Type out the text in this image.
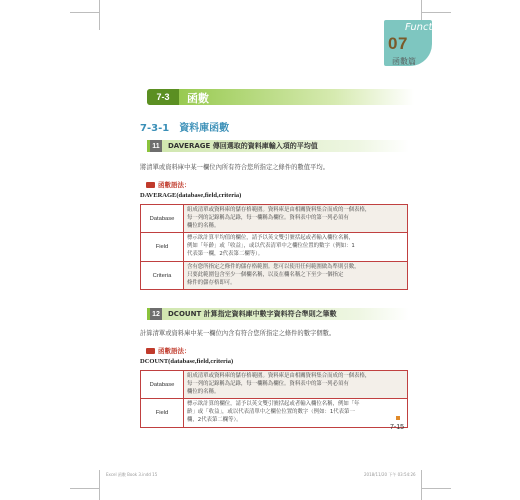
Function
07
函數篇
7-3	函數
7-3-1 資料庫函數
11	DAVERAGE 傳回選取的資料庫輸入項的平均值
將清單或資料庫中某一欄位內所有符合您所指定之條件的數值平均。
函數語法：
DAVERAGE(database,field,criteria)
Database	組成清單或資料庫的儲存格範圍。資料庫是由相關資料集合而成的一個表格，
每一列的記錄稱為記錄，每一欄稱為欄位。資料表中的第一列必須有
欄位的名稱。

Field	標示欲計算平均值的欄位，請予以英文雙引號括起或者輸入欄位名稱，
例如「年齡」或「收益」，或以代表清單中之欄位位置的數字（例如：1
代表第一欄，2代表第二欄等）。

Criteria	含有您所指定之條件的儲存格範圍。您可以使用任何範圍做為準則引數，
只要此範圍包含至少一個欄名稱，以及在欄名稱之下至少一個指定
條件的儲存格即可。
12	DCOUNT 計算指定資料庫中數字資料符合準則之筆數
計算清單或資料庫中某一欄位內含有符合您所指定之條件的數字個數。
函數語法：
DCOUNT(database,field,criteria)
Database	組成清單或資料庫的儲存格範圍。資料庫是由相關資料集合而成的一個表格，
每一列的記錄稱為記錄，每一欄稱為欄位。資料表中的第一列必須有
欄位的名稱。

Field	標示欲計算的欄位，請予以英文雙引號括起或者輸入欄位名稱，例如「年
齡」或「收益」，或以代表清單中之欄位位置的數字（例如：1代表第一
欄，2代表第二欄等）。
7-15
Excel 函數 Book 3.indd 15	2018/11/20 下午 03:54:26
